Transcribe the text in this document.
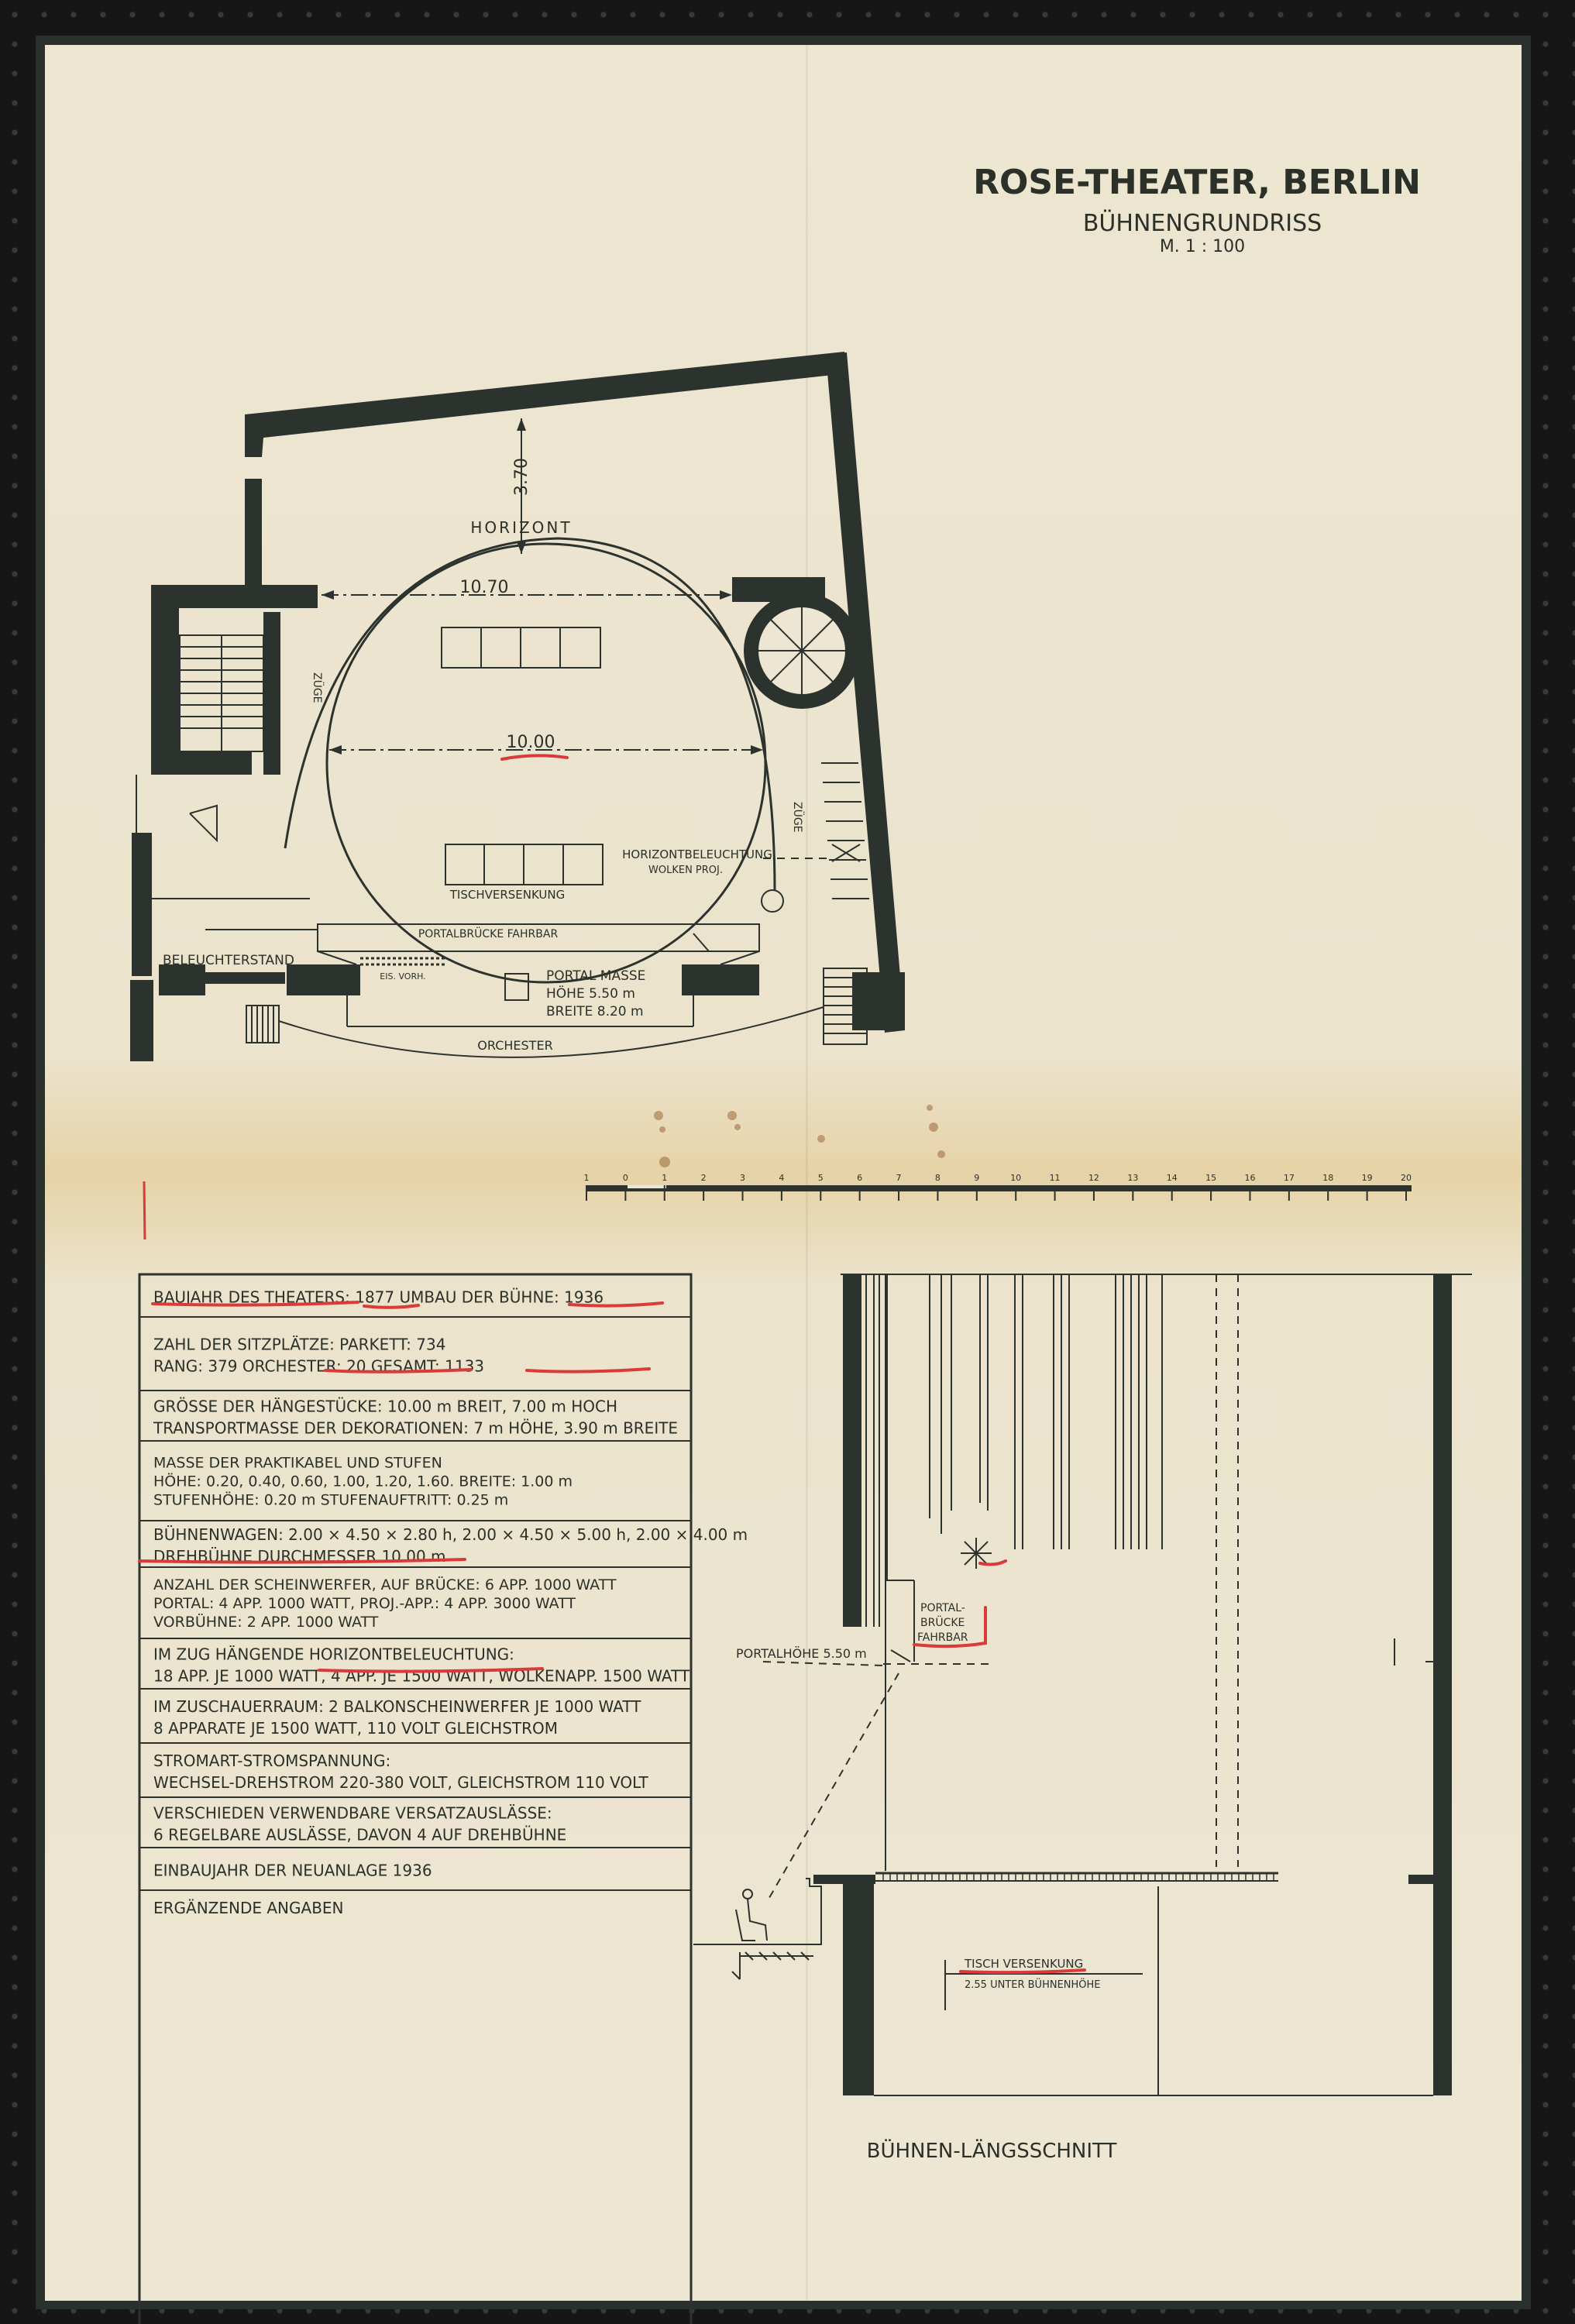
ROSE-THEATER, BERLIN
BÜHNENGRUNDRISS
M. 1 : 100
3.70
HORIZONT
10.70
10.00
ZÜGE
ZÜGE
TISCHVERSENKUNG
HORIZONTBELEUCHTUNG
WOLKEN PROJ.
PORTALBRÜCKE FAHRBAR
BELEUCHTERSTAND
EIS. VORH.	PORTAL MASSE
HÖHE 5.50 m
BREITE 8.20 m
ORCHESTER
1	0	1	2	3	4	5	6	7	8	9	10	11	12	13	14	15	16	17	18	19	20
BAUJAHR DES THEATERS: 1877 UMBAU DER BÜHNE: 1936
ZAHL DER SITZPLÄTZE: PARKETT: 734
RANG: 379 ORCHESTER: 20 GESAMT: 1133
GRÖSSE DER HÄNGESTÜCKE: 10.00 m BREIT, 7.00 m HOCH
TRANSPORTMASSE DER DEKORATIONEN: 7 m HÖHE, 3.90 m BREITE
MASSE DER PRAKTIKABEL UND STUFEN
HÖHE: 0.20, 0.40, 0.60, 1.00, 1.20, 1.60. BREITE: 1.00 m
STUFENHÖHE: 0.20 m STUFENAUFTRITT: 0.25 m
BÜHNENWAGEN: 2.00 × 4.50 × 2.80 h, 2.00 × 4.50 × 5.00 h, 2.00 × 4.00 m
DREHBÜHNE DURCHMESSER 10.00 m
ANZAHL DER SCHEINWERFER, AUF BRÜCKE: 6 APP. 1000 WATT
PORTAL: 4 APP. 1000 WATT, PROJ.-APP.: 4 APP. 3000 WATT
VORBÜHNE: 2 APP. 1000 WATT
IM ZUG HÄNGENDE HORIZONTBELEUCHTUNG:
18 APP. JE 1000 WATT, 4 APP. JE 1500 WATT, WOLKENAPP. 1500 WATT
IM ZUSCHAUERRAUM: 2 BALKONSCHEINWERFER JE 1000 WATT
8 APPARATE JE 1500 WATT, 110 VOLT GLEICHSTROM
STROMART-STROMSPANNUNG:
WECHSEL-DREHSTROM 220-380 VOLT, GLEICHSTROM 110 VOLT
VERSCHIEDEN VERWENDBARE VERSATZAUSLÄSSE:
6 REGELBARE AUSLÄSSE, DAVON 4 AUF DREHBÜHNE
EINBAUJAHR DER NEUANLAGE 1936
ERGÄNZENDE ANGABEN
PORTAL-
BRÜCKE
FAHRBAR
PORTALHÖHE 5.50 m
TISCH VERSENKUNG
2.55 UNTER BÜHNENHÖHE
BÜHNEN-LÄNGSSCHNITT
